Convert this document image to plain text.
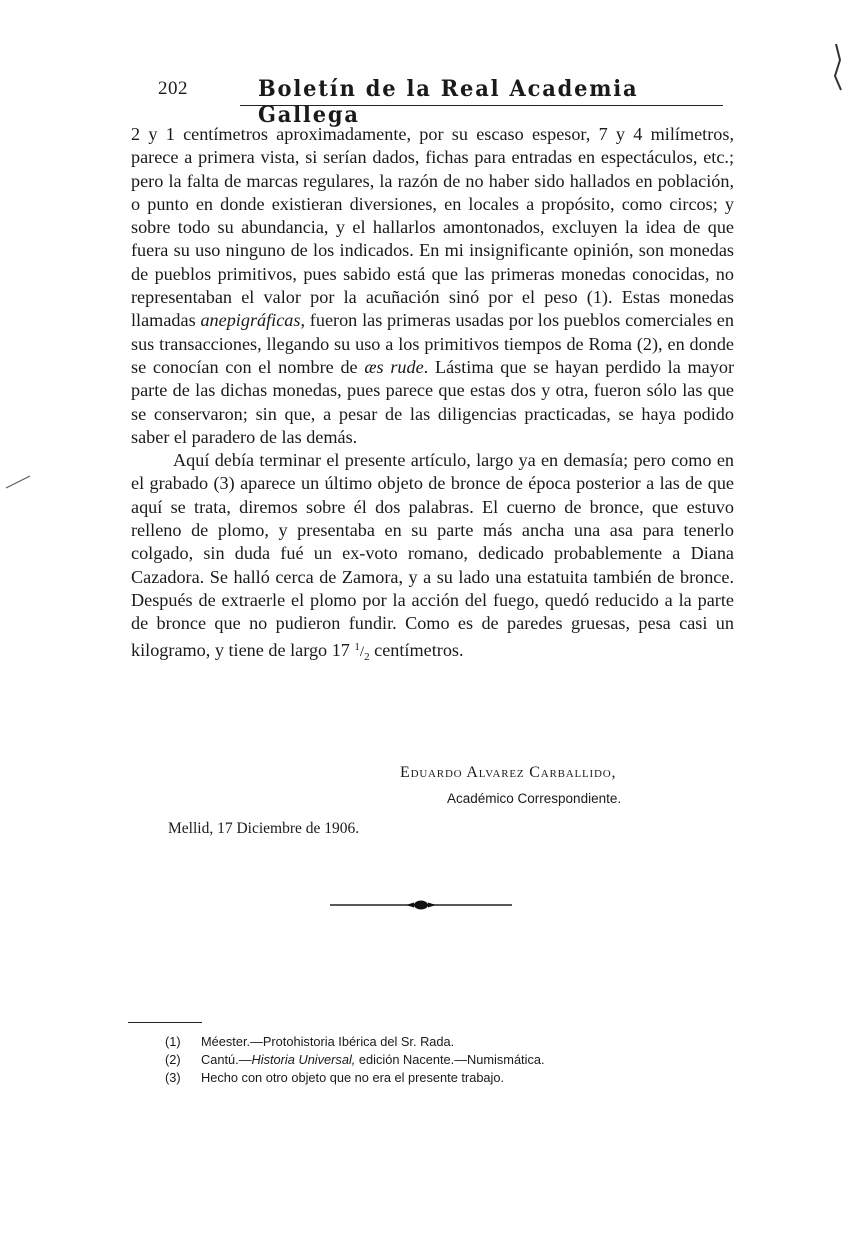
202	Boletín de la Real Academia Gallega

2 y 1 centímetros aproximadamente, por su escaso espesor, 7 y 4 milímetros, parece a primera vista, si serían dados, fichas para entradas en espectáculos, etc.; pero la falta de marcas regulares, la razón de no haber sido hallados en población, o punto en donde existieran diversiones, en locales a propósito, como circos; y sobre todo su abundancia, y el hallarlos amontonados, excluyen la idea de que fuera su uso ninguno de los indicados. En mi insignificante opinión, son monedas de pueblos primitivos, pues sabido está que las primeras monedas conocidas, no representaban el valor por la acuñación sinó por el peso (1). Estas monedas llamadas anepigráficas, fueron las primeras usadas por los pueblos comerciales en sus transacciones, llegando su uso a los primitivos tiempos de Roma (2), en donde se conocían con el nombre de æs rude. Lástima que se hayan perdido la mayor parte de las dichas monedas, pues parece que estas dos y otra, fueron sólo las que se conservaron; sin que, a pesar de las diligencias practicadas, se haya podido saber el paradero de las demás.

Aquí debía terminar el presente artículo, largo ya en demasía; pero como en el grabado (3) aparece un último objeto de bronce de época posterior a las de que aquí se trata, diremos sobre él dos palabras. El cuerno de bronce, que estuvo relleno de plomo, y presentaba en su parte más ancha una asa para tenerlo colgado, sin duda fué un ex-voto romano, dedicado probablemente a Diana Cazadora. Se halló cerca de Zamora, y a su lado una estatuita también de bronce. Después de extraerle el plomo por la acción del fuego, quedó reducido a la parte de bronce que no pudieron fundir. Como es de paredes gruesas, pesa casi un kilogramo, y tiene de largo 17 $^1/_2$ centímetros.

Eduardo Alvarez Carballido,
Académico Correspondiente.
Mellid, 17 Diciembre de 1906.
(1) Méester.—Protohistoria Ibérica del Sr. Rada.
(2) Cantú.—Historia Universal, edición Nacente.—Numismática.
(3) Hecho con otro objeto que no era el presente trabajo.
